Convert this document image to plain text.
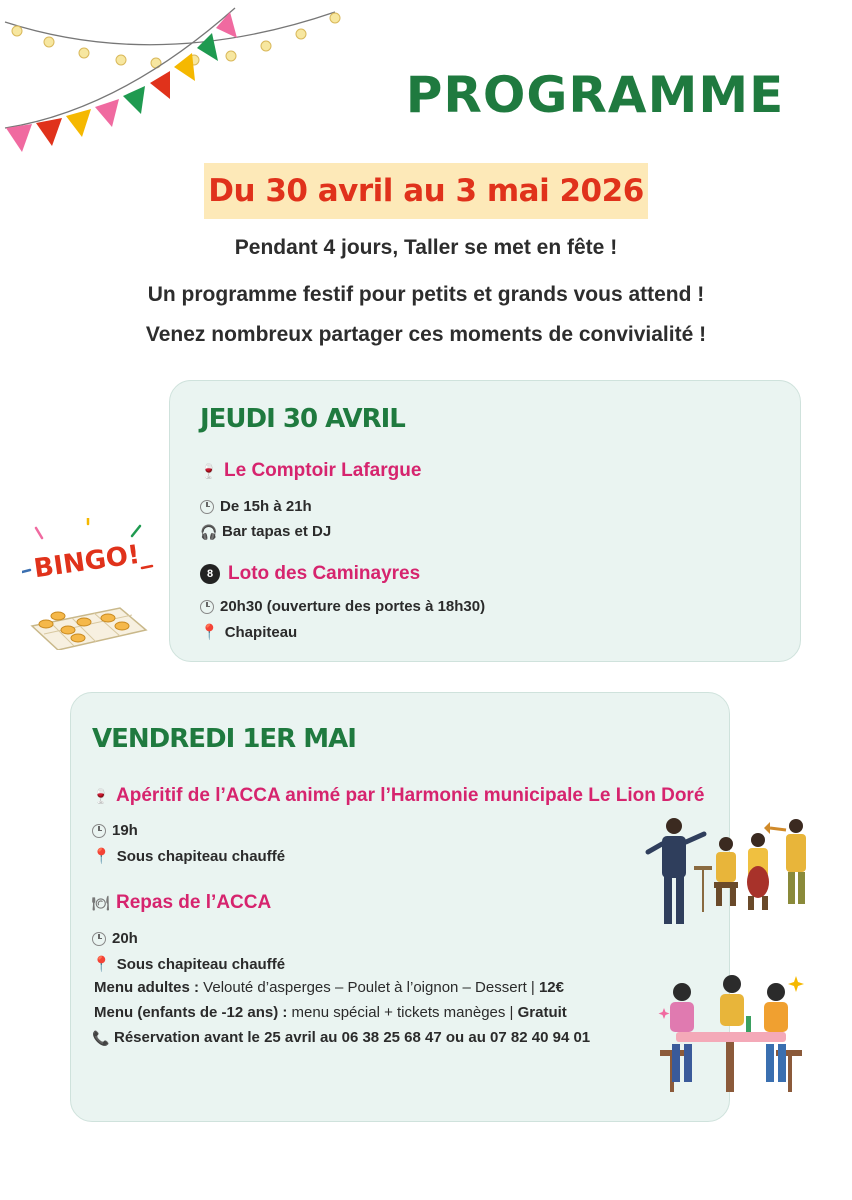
PROGRAMME
Du 30 avril au 3 mai 2026
Pendant 4 jours, Taller se met en fête !
Un programme festif pour petits et grands vous attend !
Venez nombreux partager ces moments de convivialité !
JEUDI 30 AVRIL
🍷 Le Comptoir Lafargue
De 15h à 21h
🎧 Bar tapas et DJ
8 Loto des Caminayres
20h30 (ouverture des portes à 18h30)
📍 Chapiteau
BINGO!
VENDREDI 1ER MAI
🍷 Apéritif de l’ACCA animé par l’Harmonie municipale Le Lion Doré
19h
📍 Sous chapiteau chauffé
🍽 Repas de l’ACCA
20h
📍 Sous chapiteau chauffé
Menu adultes : Velouté d’asperges – Poulet à l’oignon – Dessert | 12€
Menu (enfants de -12 ans) : menu spécial + tickets manèges | Gratuit
📞 Réservation avant le 25 avril au 06 38 25 68 47 ou au 07 82 40 94 01
